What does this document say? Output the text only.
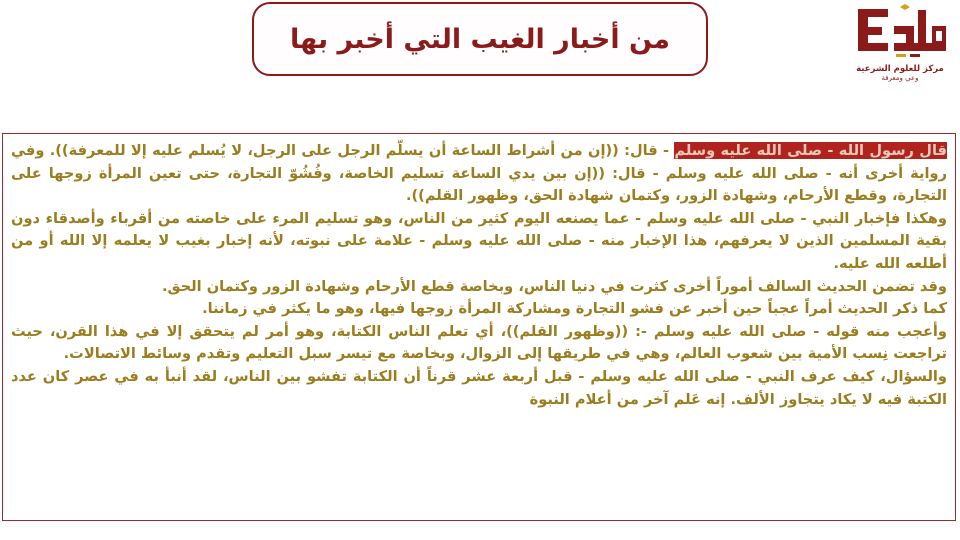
من أخبار الغيب التي أخبر بها
مركز للعلوم الشرعية
وعي ومعرفة

قال رسول الله - صلى الله عليه وسلم - قال: ((إن من أشراط الساعة أن يسلّم الرجل على الرجل، لا يُسلم عليه إلا للمعرفة)). وفي رواية أخرى أنه - صلى الله عليه وسلم - قال: ((إن بين يدي الساعة تسليم الخاصة، وفُشُوّ التجارة، حتى تعين المرأة زوجها على التجارة، وقطع الأرحام، وشهادة الزور، وكتمان شهادة الحق، وظهور القلم)).

وهكذا فإخبار النبي - صلى الله عليه وسلم - عما يصنعه اليوم كثير من الناس، وهو تسليم المرء على خاصته من أقرباء وأصدقاء دون بقية المسلمين الذين لا يعرفهم، هذا الإخبار منه - صلى الله عليه وسلم - علامة على نبوته، لأنه إخبار بغيب لا يعلمه إلا الله أو من أطلعه الله عليه.

وقد تضمن الحديث السالف أموراً أخرى كثرت في دنيا الناس، وبخاصة قطع الأرحام وشهادة الزور وكتمان الحق.

كما ذكر الحديث أمراً عجباً حين أخبر عن فشو التجارة ومشاركة المرأة زوجها فيها، وهو ما يكثر في زماننا.

وأعجب منه قوله - صلى الله عليه وسلم -: ((وظهور القلم))، أي تعلم الناس الكتابة، وهو أمر لم يتحقق إلا في هذا القرن، حيث تراجعت نِسب الأمية بين شعوب العالم، وهي في طريقها إلى الزوال، وبخاصة مع تيسر سبل التعليم وتقدم وسائط الاتصالات.

والسؤال، كيف عرف النبي - صلى الله عليه وسلم - قبل أربعة عشر قرناً أن الكتابة تفشو بين الناس، لقد أنبأ به في عصر كان عدد الكتبة فيه لا يكاد يتجاوز الألف. إنه عَلم آخر من أعلام النبوة
